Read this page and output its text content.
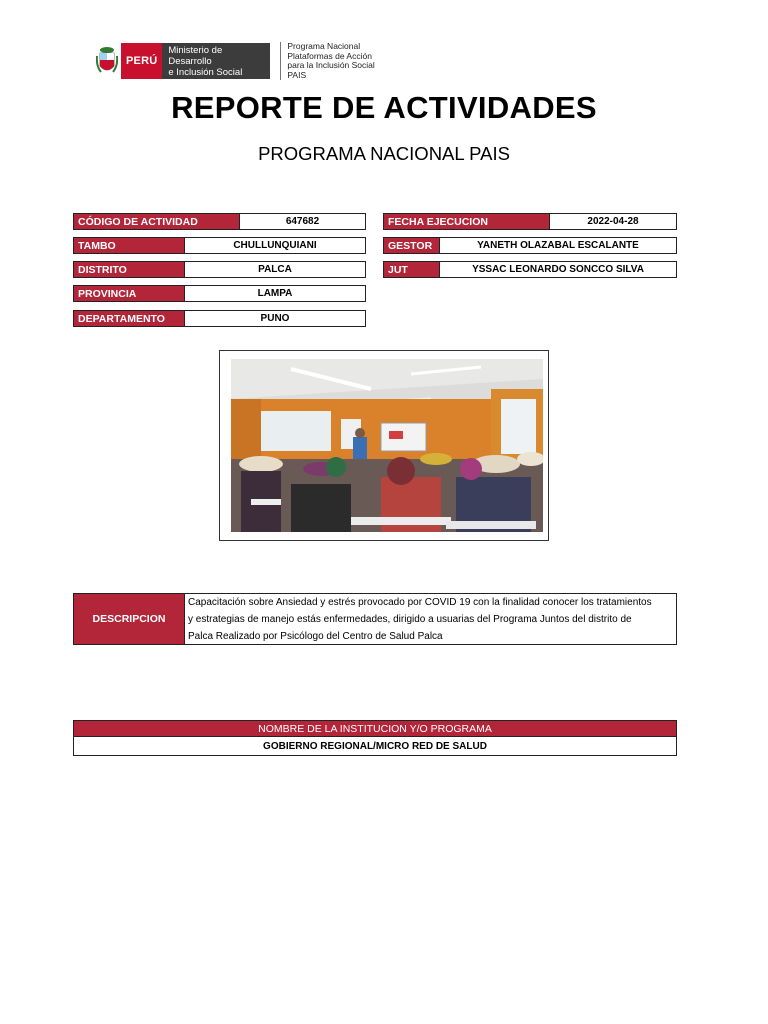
PERÚ
Ministerio de Desarrollo
e Inclusión Social
Programa Nacional
Plataformas de Acción
para la Inclusión Social
PAIS
REPORTE DE ACTIVIDADES
PROGRAMA NACIONAL PAIS
CÓDIGO DE ACTIVIDAD	647682
TAMBO	CHULLUNQUIANI
DISTRITO	PALCA
PROVINCIA	LAMPA
DEPARTAMENTO	PUNO
FECHA EJECUCION	2022-04-28
GESTOR	YANETH OLAZABAL ESCALANTE
JUT	YSSAC LEONARDO SONCCO SILVA
DESCRIPCION
Capacitación sobre Ansiedad y estrés provocado por COVID 19 con la finalidad conocer los tratamientos
y estrategias de manejo estás enfermedades, dirigido a usuarias del Programa Juntos del distrito de
Palca Realizado por Psicólogo del Centro de Salud Palca
NOMBRE DE LA INSTITUCION Y/O PROGRAMA
GOBIERNO REGIONAL/MICRO RED DE SALUD
